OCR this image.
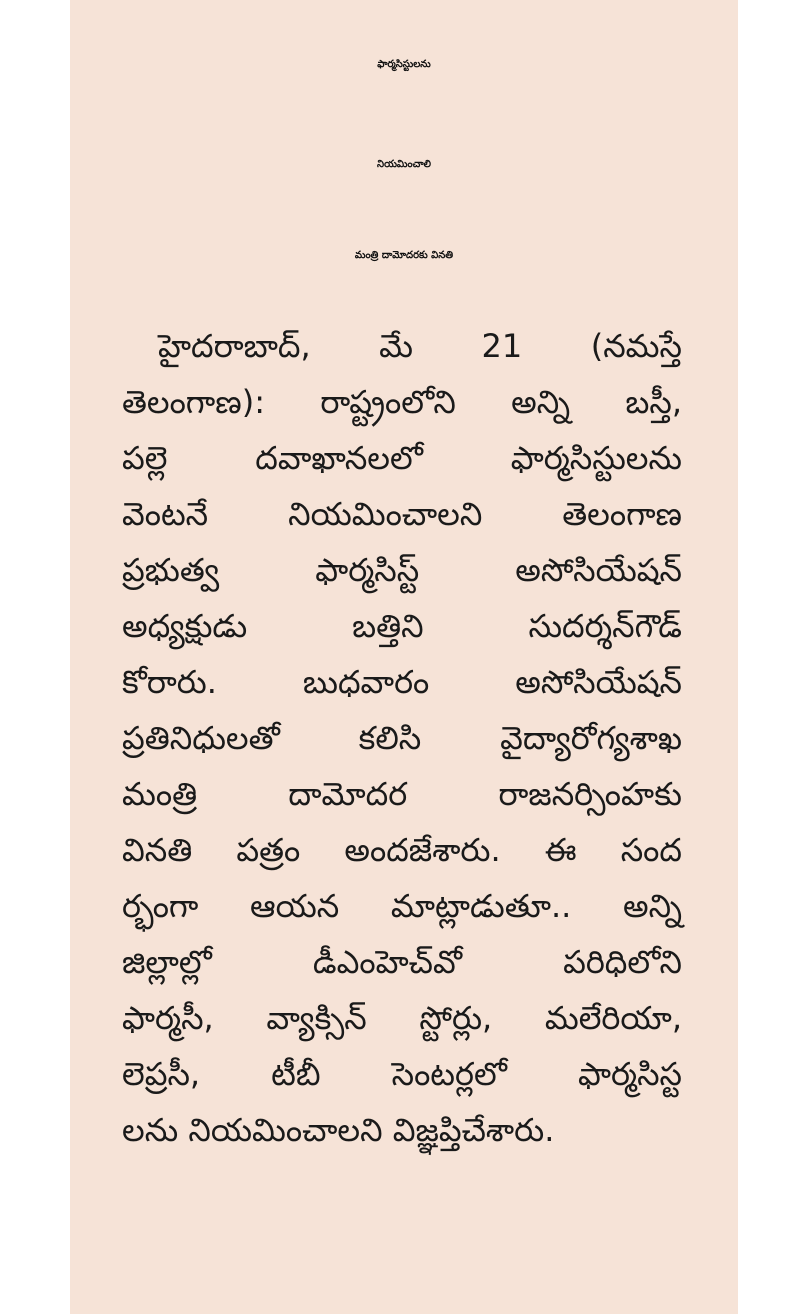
ఫార్మసిస్టులను
నియమించాలి
మంత్రి దామోదరకు వినతి
హైదరాబాద్, మే 21 (నమస్తే
తెలంగాణ): రాష్ట్రంలోని అన్ని బస్తీ,
పల్లె దవాఖానలలో ఫార్మసిస్టులను
వెంటనే నియమించాలని తెలంగాణ
ప్రభుత్వ ఫార్మసిస్ట్ అసోసియేషన్
అధ్యక్షుడు బత్తిని సుదర్శన్‌గౌడ్
కోరారు. బుధవారం అసోసియేషన్
ప్రతినిధులతో కలిసి వైద్యారోగ్యశాఖ
మంత్రి దామోదర రాజనర్సింహకు
వినతి పత్రం అందజేశారు. ఈ సంద
ర్భంగా ఆయన మాట్లాడుతూ.. అన్ని
జిల్లాల్లో డీఎంహెచ్‌వో పరిధిలోని
ఫార్మసీ, వ్యాక్సిన్ స్టోర్లు, మలేరియా,
లెప్రసీ, టీబీ సెంటర్లలో ఫార్మసిస్ట
లను నియమించాలని విజ్ఞప్తిచేశారు.
